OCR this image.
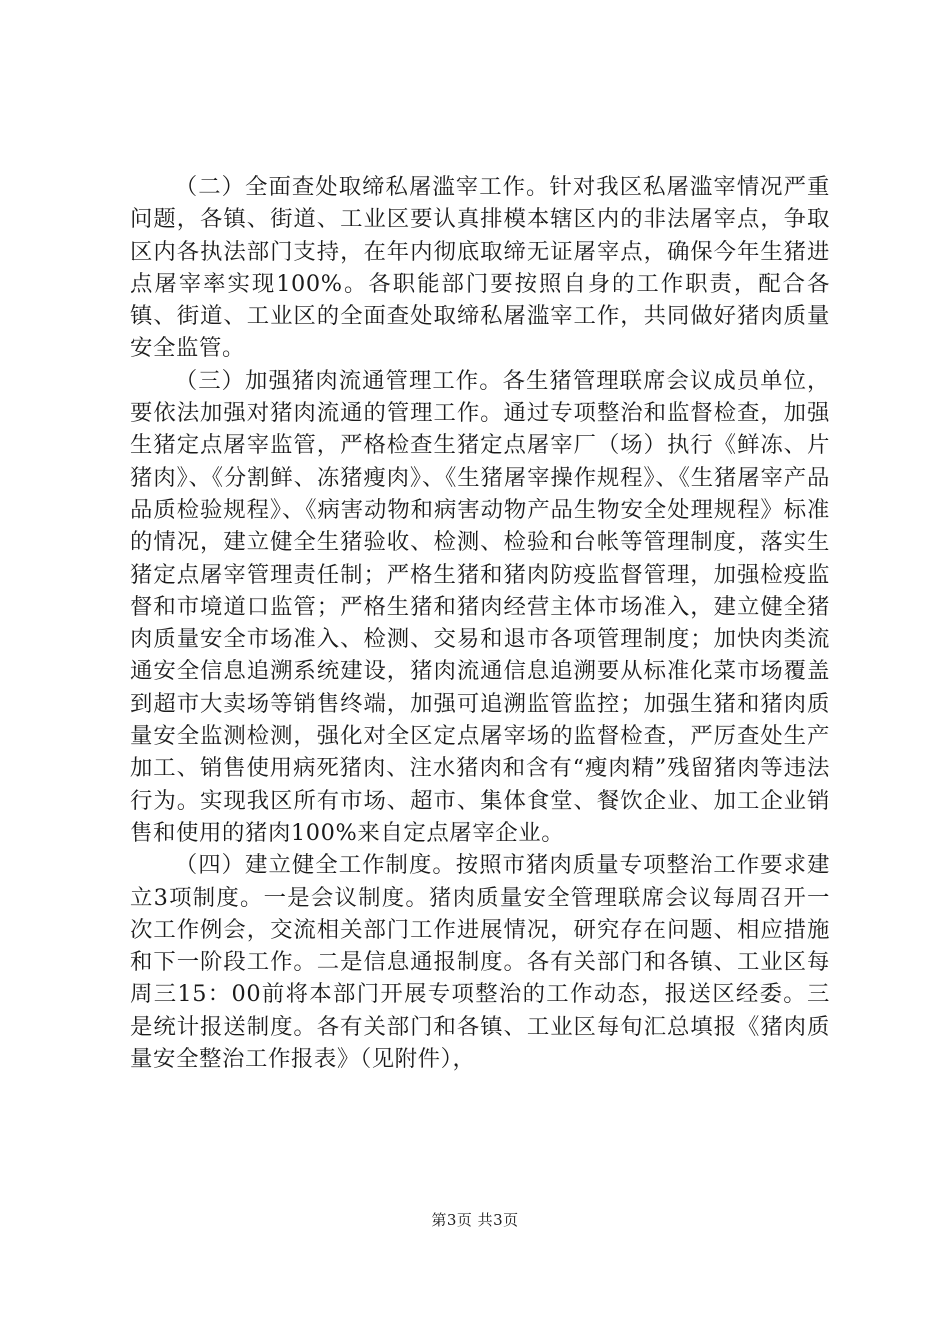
（二）全面查处取缔私屠滥宰工作。针对我区私屠滥宰情况严重问题，各镇、街道、工业区要认真排模本辖区内的非法屠宰点，争取区内各执法部门支持，在年内彻底取缔无证屠宰点，确保今年生猪进点屠宰率实现100%。各职能部门要按照自身的工作职责，配合各镇、街道、工业区的全面查处取缔私屠滥宰工作，共同做好猪肉质量安全监管。

（三）加强猪肉流通管理工作。各生猪管理联席会议成员单位，要依法加强对猪肉流通的管理工作。通过专项整治和监督检查，加强生猪定点屠宰监管，严格检查生猪定点屠宰厂（场）执行《鲜冻、片猪肉》、《分割鲜、冻猪瘦肉》、《生猪屠宰操作规程》、《生猪屠宰产品品质检验规程》、《病害动物和病害动物产品生物安全处理规程》标准的情况，建立健全生猪验收、检测、检验和台帐等管理制度，落实生猪定点屠宰管理责任制；严格生猪和猪肉防疫监督管理，加强检疫监督和市境道口监管；严格生猪和猪肉经营主体市场准入，建立健全猪肉质量安全市场准入、检测、交易和退市各项管理制度；加快肉类流通安全信息追溯系统建设，猪肉流通信息追溯要从标准化菜市场覆盖到超市大卖场等销售终端，加强可追溯监管监控；加强生猪和猪肉质量安全监测检测，强化对全区定点屠宰场的监督检查，严厉查处生产加工、销售使用病死猪肉、注水猪肉和含有“瘦肉精”残留猪肉等违法行为。实现我区所有市场、超市、集体食堂、餐饮企业、加工企业销售和使用的猪肉100%来自定点屠宰企业。

（四）建立健全工作制度。按照市猪肉质量专项整治工作要求建立3项制度。一是会议制度。猪肉质量安全管理联席会议每周召开一次工作例会，交流相关部门工作进展情况，研究存在问题、相应措施和下一阶段工作。二是信息通报制度。各有关部门和各镇、工业区每周三15：00前将本部门开展专项整治的工作动态，报送区经委。三是统计报送制度。各有关部门和各镇、工业区每旬汇总填报《猪肉质量安全整治工作报表》（见附件），

第3页 共3页
